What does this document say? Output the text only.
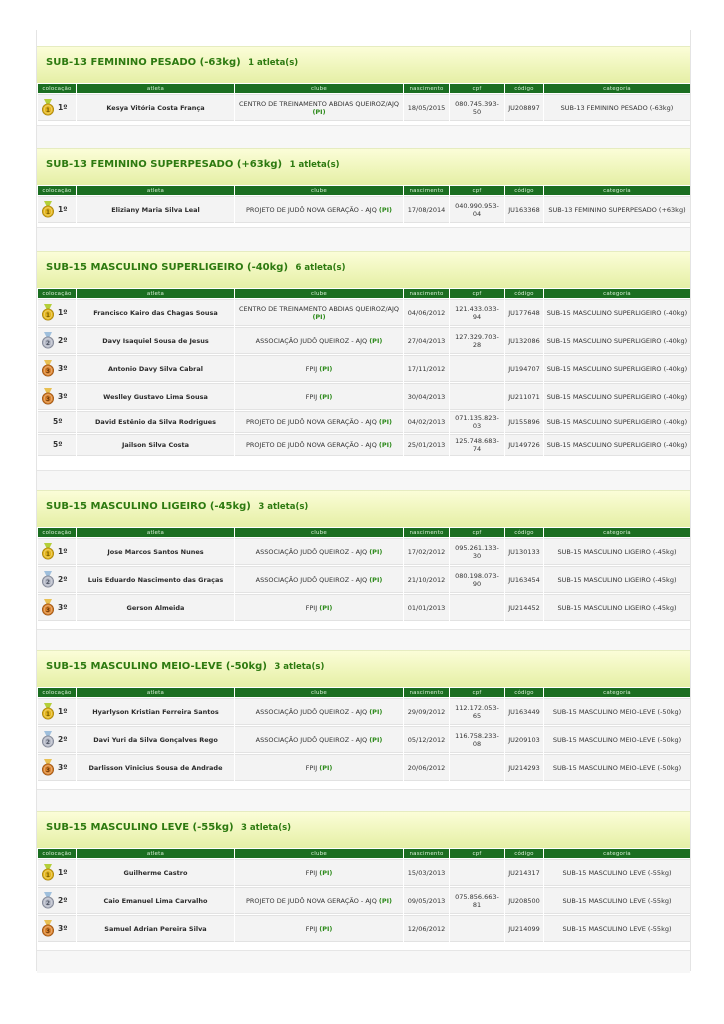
SUB-13 FEMININO PESADO (-63kg) 1 atleta(s)
colocação	atleta	clube	nascimento	cpf	código	categoria

1 1º	Kesya Vitória Costa França	CENTRO DE TREINAMENTO ABDIAS QUEIROZ/AJQ (PI)	18/05/2015	080.745.393-50	JU208897	SUB-13 FEMININO PESADO (-63kg)
SUB-13 FEMININO SUPERPESADO (+63kg) 1 atleta(s)
colocação	atleta	clube	nascimento	cpf	código	categoria

1 1º	Eliziany Maria Silva Leal	PROJETO DE JUDÔ NOVA GERAÇÃO - AJQ (PI)	17/08/2014	040.990.953-04	JU163368	SUB-13 FEMININO SUPERPESADO (+63kg)
SUB-15 MASCULINO SUPERLIGEIRO (-40kg) 6 atleta(s)
colocação	atleta	clube	nascimento	cpf	código	categoria

1 1º	Francisco Kairo das Chagas Sousa	CENTRO DE TREINAMENTO ABDIAS QUEIROZ/AJQ (PI)	04/06/2012	121.433.033-94	JU177648	SUB-15 MASCULINO SUPERLIGEIRO (-40kg)

2 2º	Davy Isaquiel Sousa de Jesus	ASSOCIAÇÃO JUDÔ QUEIROZ - AJQ (PI)	27/04/2013	127.329.703-28	JU132086	SUB-15 MASCULINO SUPERLIGEIRO (-40kg)

3 3º	Antonio Davy Silva Cabral	FPIJ (PI)	17/11/2012		JU194707	SUB-15 MASCULINO SUPERLIGEIRO (-40kg)

3 3º	Weslley Gustavo Lima Sousa	FPIJ (PI)	30/04/2013		JU211071	SUB-15 MASCULINO SUPERLIGEIRO (-40kg)
5º	David Estênio da Silva Rodrigues	PROJETO DE JUDÔ NOVA GERAÇÃO - AJQ (PI)	04/02/2013	071.135.823-03	JU155896	SUB-15 MASCULINO SUPERLIGEIRO (-40kg)
5º	Jailson Silva Costa	PROJETO DE JUDÔ NOVA GERAÇÃO - AJQ (PI)	25/01/2013	125.748.683-74	JU149726	SUB-15 MASCULINO SUPERLIGEIRO (-40kg)
SUB-15 MASCULINO LIGEIRO (-45kg) 3 atleta(s)
colocação	atleta	clube	nascimento	cpf	código	categoria

1 1º	Jose Marcos Santos Nunes	ASSOCIAÇÃO JUDÔ QUEIROZ - AJQ (PI)	17/02/2012	095.261.133-30	JU130133	SUB-15 MASCULINO LIGEIRO (-45kg)

2 2º	Luis Eduardo Nascimento das Graças	ASSOCIAÇÃO JUDÔ QUEIROZ - AJQ (PI)	21/10/2012	080.198.073-90	JU163454	SUB-15 MASCULINO LIGEIRO (-45kg)

3 3º	Gerson Almeida	FPIJ (PI)	01/01/2013		JU214452	SUB-15 MASCULINO LIGEIRO (-45kg)
SUB-15 MASCULINO MEIO-LEVE (-50kg) 3 atleta(s)
colocação	atleta	clube	nascimento	cpf	código	categoria

1 1º	Hyarlyson Kristian Ferreira Santos	ASSOCIAÇÃO JUDÔ QUEIROZ - AJQ (PI)	29/09/2012	112.172.053-65	JU163449	SUB-15 MASCULINO MEIO-LEVE (-50kg)

2 2º	Davi Yuri da Silva Gonçalves Rego	ASSOCIAÇÃO JUDÔ QUEIROZ - AJQ (PI)	05/12/2012	116.758.233-08	JU209103	SUB-15 MASCULINO MEIO-LEVE (-50kg)

3 3º	Darlisson Vinicius Sousa de Andrade	FPIJ (PI)	20/06/2012		JU214293	SUB-15 MASCULINO MEIO-LEVE (-50kg)
SUB-15 MASCULINO LEVE (-55kg) 3 atleta(s)
colocação	atleta	clube	nascimento	cpf	código	categoria

1 1º	Guilherme Castro	FPIJ (PI)	15/03/2013		JU214317	SUB-15 MASCULINO LEVE (-55kg)

2 2º	Caio Emanuel Lima Carvalho	PROJETO DE JUDÔ NOVA GERAÇÃO - AJQ (PI)	09/05/2013	075.856.663-81	JU208500	SUB-15 MASCULINO LEVE (-55kg)

3 3º	Samuel Adrian Pereira Silva	FPIJ (PI)	12/06/2012		JU214099	SUB-15 MASCULINO LEVE (-55kg)
